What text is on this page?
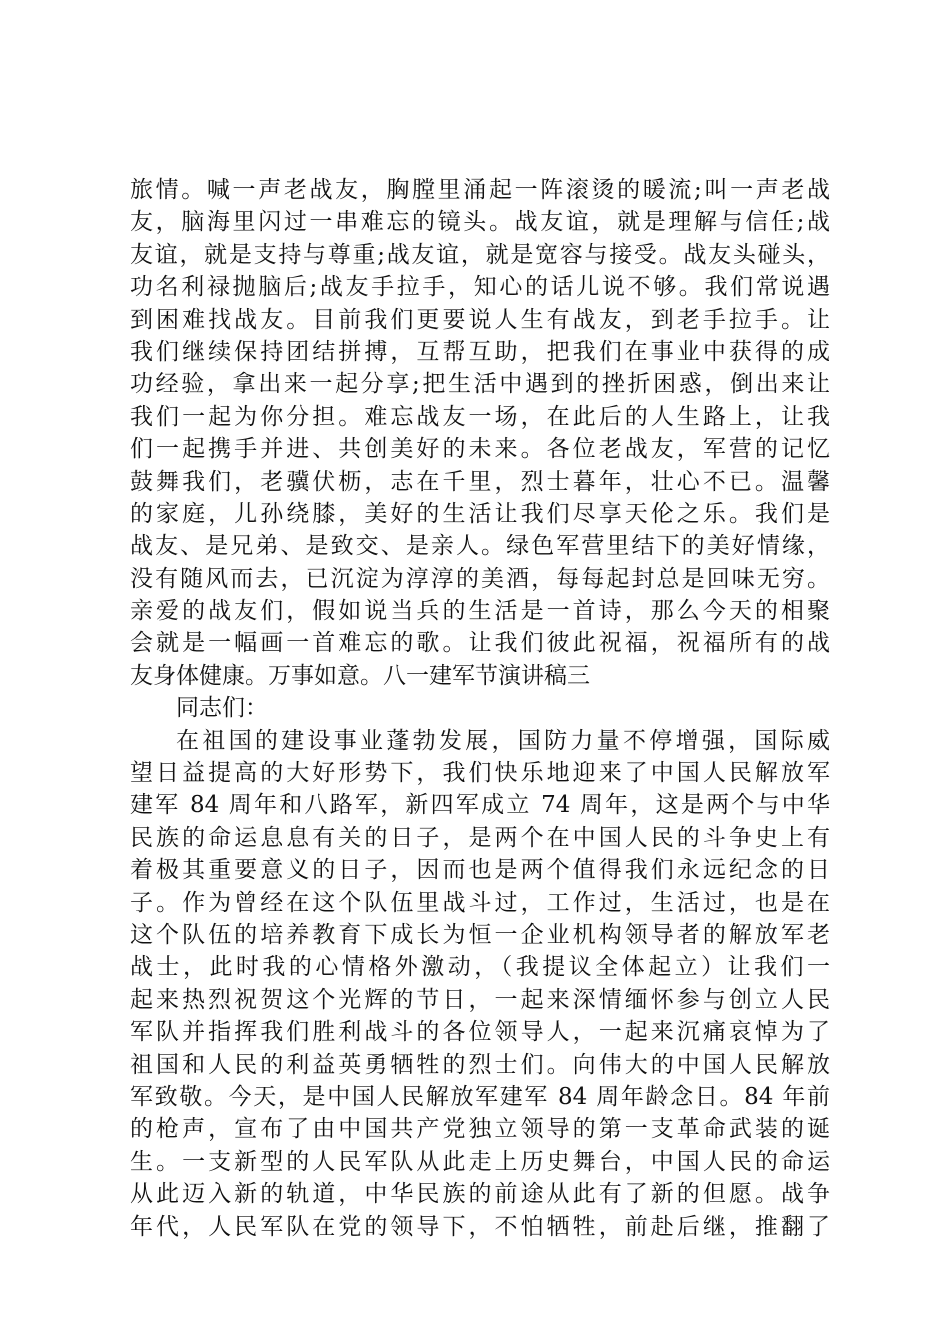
旅情。喊一声老战友，胸膛里涌起一阵滚烫的暖流;叫一声老战
友，脑海里闪过一串难忘的镜头。战友谊，就是理解与信任;战
友谊，就是支持与尊重;战友谊，就是宽容与接受。战友头碰头，
功名利禄抛脑后;战友手拉手，知心的话儿说不够。我们常说遇
到困难找战友。目前我们更要说人生有战友，到老手拉手。让
我们继续保持团结拼搏，互帮互助，把我们在事业中获得的成
功经验，拿出来一起分享;把生活中遇到的挫折困惑，倒出来让
我们一起为你分担。难忘战友一场，在此后的人生路上，让我
们一起携手并进、共创美好的未来。各位老战友，军营的记忆
鼓舞我们，老骥伏枥，志在千里，烈士暮年，壮心不已。温馨
的家庭，儿孙绕膝，美好的生活让我们尽享天伦之乐。我们是
战友、是兄弟、是致交、是亲人。绿色军营里结下的美好情缘，
没有随风而去，已沉淀为淳淳的美酒，每每起封总是回味无穷。
亲爱的战友们，假如说当兵的生活是一首诗，那么今天的相聚
会就是一幅画一首难忘的歌。让我们彼此祝福，祝福所有的战
友身体健康。万事如意。八一建军节演讲稿三
同志们：
在祖国的建设事业蓬勃发展，国防力量不停增强，国际威
望日益提高的大好形势下，我们快乐地迎来了中国人民解放军
建军 84 周年和八路军，新四军成立 74 周年，这是两个与中华
民族的命运息息有关的日子，是两个在中国人民的斗争史上有
着极其重要意义的日子，因而也是两个值得我们永远纪念的日
子。作为曾经在这个队伍里战斗过，工作过，生活过，也是在
这个队伍的培养教育下成长为恒一企业机构领导者的解放军老
战士，此时我的心情格外激动，（我提议全体起立）让我们一
起来热烈祝贺这个光辉的节日，一起来深情缅怀参与创立人民
军队并指挥我们胜利战斗的各位领导人，一起来沉痛哀悼为了
祖国和人民的利益英勇牺牲的烈士们。向伟大的中国人民解放
军致敬。今天，是中国人民解放军建军 84 周年龄念日。84 年前
的枪声，宣布了由中国共产党独立领导的第一支革命武装的诞
生。一支新型的人民军队从此走上历史舞台，中国人民的命运
从此迈入新的轨道，中华民族的前途从此有了新的但愿。战争
年代，人民军队在党的领导下，不怕牺牲，前赴后继，推翻了
